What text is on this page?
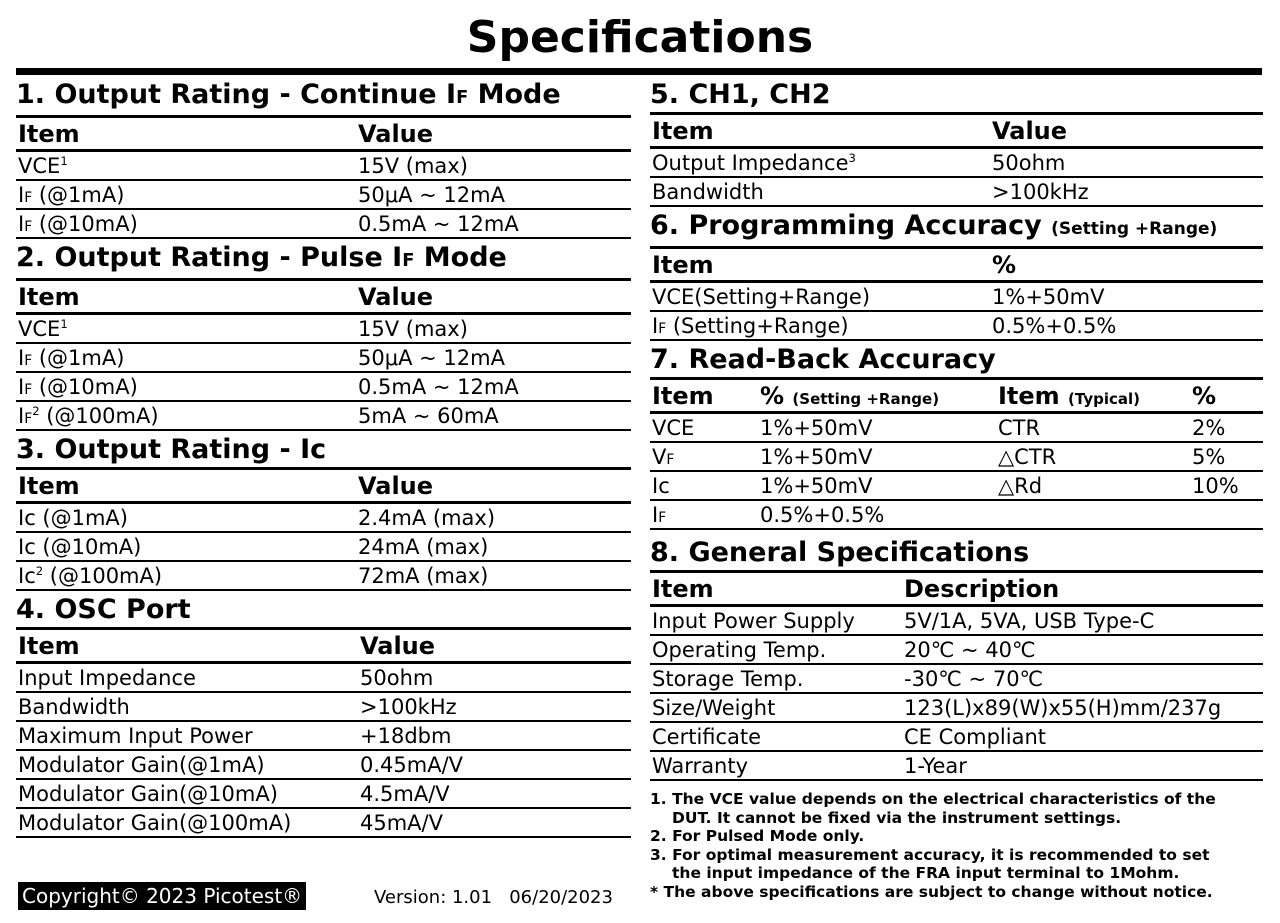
Specifications
1. Output Rating - Continue IF Mode
Item	Value
VCE$^1$	15V (max)
IF (@1mA)	50μA ~ 12mA
IF (@10mA)	0.5mA ~ 12mA
2. Output Rating - Pulse IF Mode
Item	Value
VCE$^1$	15V (max)
IF (@1mA)	50μA ~ 12mA
IF (@10mA)	0.5mA ~ 12mA
$IF^2$ (@100mA)	5mA ~ 60mA
3. Output Rating - Ic
Item	Value
Ic (@1mA)	2.4mA (max)
Ic (@10mA)	24mA (max)
Ic$^2$ (@100mA)	72mA (max)
4. OSC Port
Item	Value
Input Impedance	50ohm
Bandwidth	>100kHz
Maximum Input Power	+18dbm
Modulator Gain(@1mA)	0.45mA/V
Modulator Gain(@10mA)	4.5mA/V
Modulator Gain(@100mA)	45mA/V
5. CH1, CH2
Item	Value
Output Impedance$^3$	50ohm
Bandwidth	>100kHz
6. Programming Accuracy (Setting +Range)
Item	%
VCE(Setting+Range)	1%+50mV
IF (Setting+Range)	0.5%+0.5%
7. Read-Back Accuracy
Item	% (Setting +Range)	Item (Typical)	%
VCE	1%+50mV	CTR	2%
VF	1%+50mV	△CTR	5%
Ic	1%+50mV	△Rd	10%
IF	0.5%+0.5%		
8. General Specifications
Item	Description
Input Power Supply	5V/1A, 5VA, USB Type-C
Operating Temp.	20℃ ~ 40℃
Storage Temp.	-30℃ ~ 70℃
Size/Weight	123(L)x89(W)x55(H)mm/237g
Certificate	CE Compliant
Warranty	1-Year
1. The VCE value depends on the electrical characteristics of the
DUT. It cannot be fixed via the instrument settings.
2. For Pulsed Mode only.
3. For optimal measurement accuracy, it is recommended to set
the input impedance of the FRA input terminal to 1Mohm.
* The above specifications are subject to change without notice.
Copyright© 2023 Picotest®	Version: 1.01   06/20/2023
